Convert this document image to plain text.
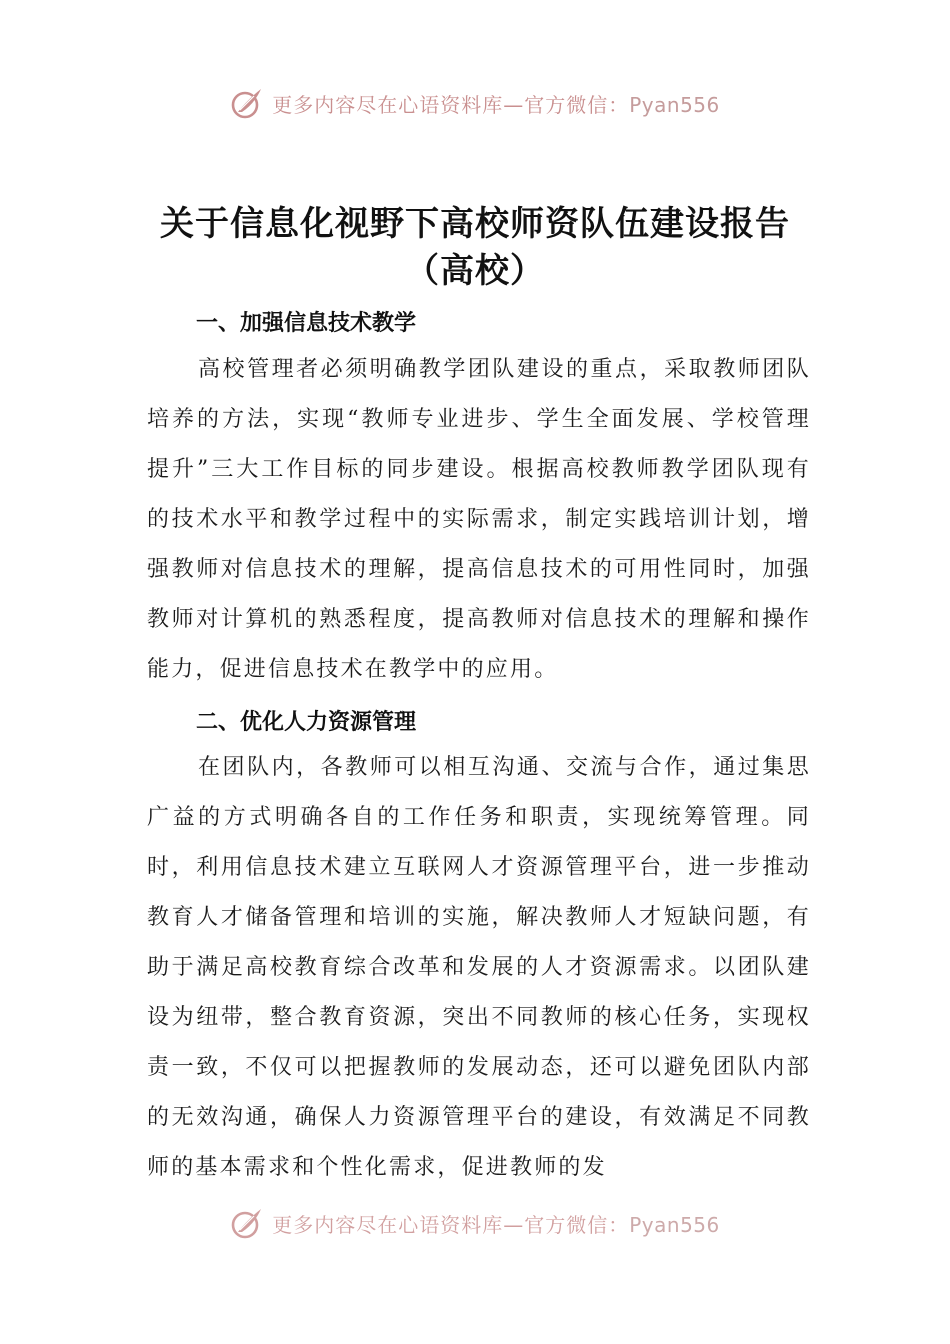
更多内容尽在心语资料库—官方微信：Pyan556
关于信息化视野下高校师资队伍建设报告
（高校）
一、加强信息技术教学

高校管理者必须明确教学团队建设的重点，采取教师团队培养的方法，实现“教师专业进步、学生全面发展、学校管理提升”三大工作目标的同步建设。根据高校教师教学团队现有的技术水平和教学过程中的实际需求，制定实践培训计划，增强教师对信息技术的理解，提高信息技术的可用性同时，加强教师对计算机的熟悉程度，提高教师对信息技术的理解和操作能力，促进信息技术在教学中的应用。

二、优化人力资源管理

在团队内，各教师可以相互沟通、交流与合作，通过集思广益的方式明确各自的工作任务和职责，实现统筹管理。同时，利用信息技术建立互联网人才资源管理平台，进一步推动教育人才储备管理和培训的实施，解决教师人才短缺问题，有助于满足高校教育综合改革和发展的人才资源需求。以团队建设为纽带，整合教育资源，突出不同教师的核心任务，实现权责一致，不仅可以把握教师的发展动态，还可以避免团队内部的无效沟通，确保人力资源管理平台的建设，有效满足不同教师的基本需求和个性化需求，促进教师的发

更多内容尽在心语资料库—官方微信：Pyan556
